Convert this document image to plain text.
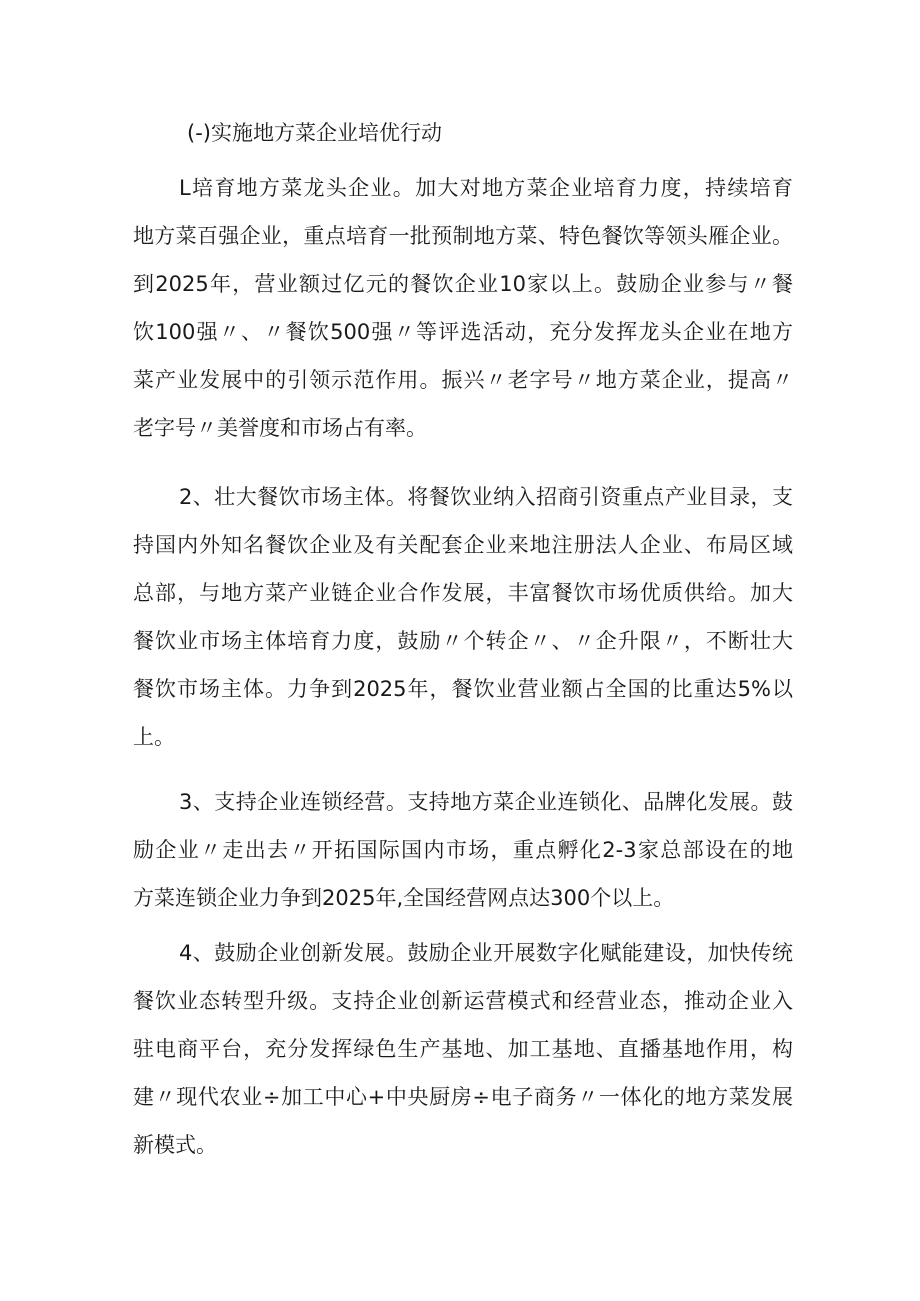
(-)实施地方菜企业培优行动
L培育地方菜龙头企业。加大对地方菜企业培育力度，持续培育
地方菜百强企业，重点培育一批预制地方菜、特色餐饮等领头雁企业。
到2025年，营业额过亿元的餐饮企业10家以上。鼓励企业参与〃餐
饮100强〃、〃餐饮500强〃等评选活动，充分发挥龙头企业在地方
菜产业发展中的引领示范作用。振兴〃老字号〃地方菜企业，提高〃
老字号〃美誉度和市场占有率。
2、壮大餐饮市场主体。将餐饮业纳入招商引资重点产业目录，支
持国内外知名餐饮企业及有关配套企业来地注册法人企业、布局区域
总部，与地方菜产业链企业合作发展，丰富餐饮市场优质供给。加大
餐饮业市场主体培育力度，鼓励〃个转企〃、〃企升限〃，不断壮大
餐饮市场主体。力争到2025年，餐饮业营业额占全国的比重达5%以
上。
3、支持企业连锁经营。支持地方菜企业连锁化、品牌化发展。鼓
励企业〃走出去〃开拓国际国内市场，重点孵化2-3家总部设在的地
方菜连锁企业力争到2025年,全国经营网点达300个以上。
4、鼓励企业创新发展。鼓励企业开展数字化赋能建设，加快传统
餐饮业态转型升级。支持企业创新运营模式和经营业态，推动企业入
驻电商平台，充分发挥绿色生产基地、加工基地、直播基地作用，构
建〃现代农业÷加工中心+中央厨房÷电子商务〃一体化的地方菜发展
新模式。
